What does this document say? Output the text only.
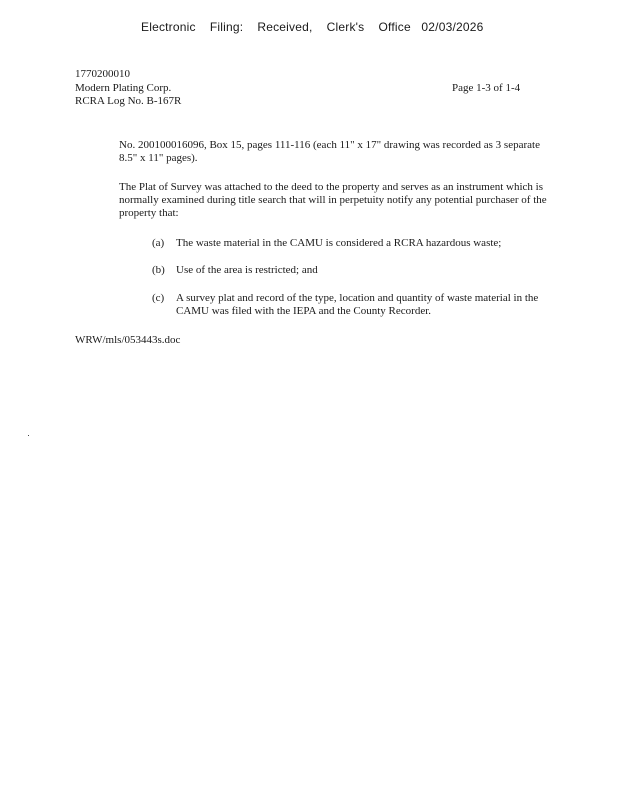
Electronic    Filing:    Received,    Clerk's    Office   02/03/2026
1770200010
Modern Plating Corp.
RCRA Log No. B-167R
Page 1-3 of 1-4
No. 200100016096, Box 15, pages 111-116 (each 11" x 17" drawing was recorded as 3 separate 8.5" x 11" pages).
The Plat of Survey was attached to the deed to the property and serves as an instrument which is normally examined during title search that will in perpetuity notify any potential purchaser of the property that:
(a) The waste material in the CAMU is considered a RCRA hazardous waste;
(b) Use of the area is restricted; and
(c) A survey plat and record of the type, location and quantity of waste material in the CAMU was filed with the IEPA and the County Recorder.
WRW/mls/053443s.doc
